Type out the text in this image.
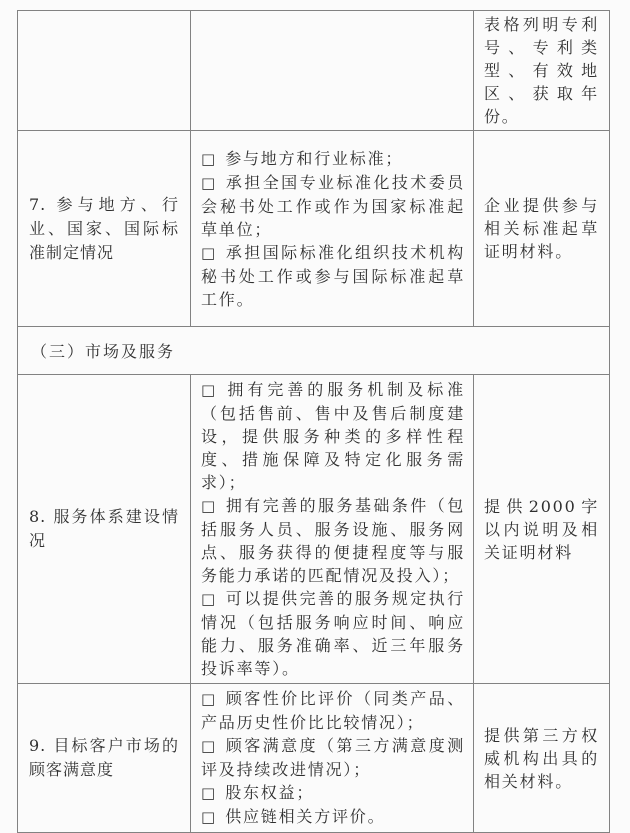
		表格列明专利号、专利类型、有效地区、获取年份。
7. 参与地方、行业、国家、国际标准制定情况	□ 参与地方和行业标准；

□ 承担全国专业标准化技术委员会秘书处工作或作为国家标准起草单位；

□ 承担国际标准化组织技术机构秘书处工作或参与国际标准起草工作。	企业提供参与相关标准起草证明材料。
（三）市场及服务		
8. 服务体系建设情况	□ 拥有完善的服务机制及标准（包括售前、售中及售后制度建设，提供服务种类的多样性程度、措施保障及特定化服务需求）；

□ 拥有完善的服务基础条件（包括服务人员、服务设施、服务网点、服务获得的便捷程度等与服务能力承诺的匹配情况及投入）；

□ 可以提供完善的服务规定执行情况（包括服务响应时间、响应能力、服务准确率、近三年服务投诉率等）。	提供2000字以内说明及相关证明材料
9. 目标客户市场的顾客满意度	□ 顾客性价比评价（同类产品、产品历史性价比比较情况）；

□ 顾客满意度（第三方满意度测评及持续改进情况）；

□ 股东权益；

□ 供应链相关方评价。	提供第三方权威机构出具的相关材料。
